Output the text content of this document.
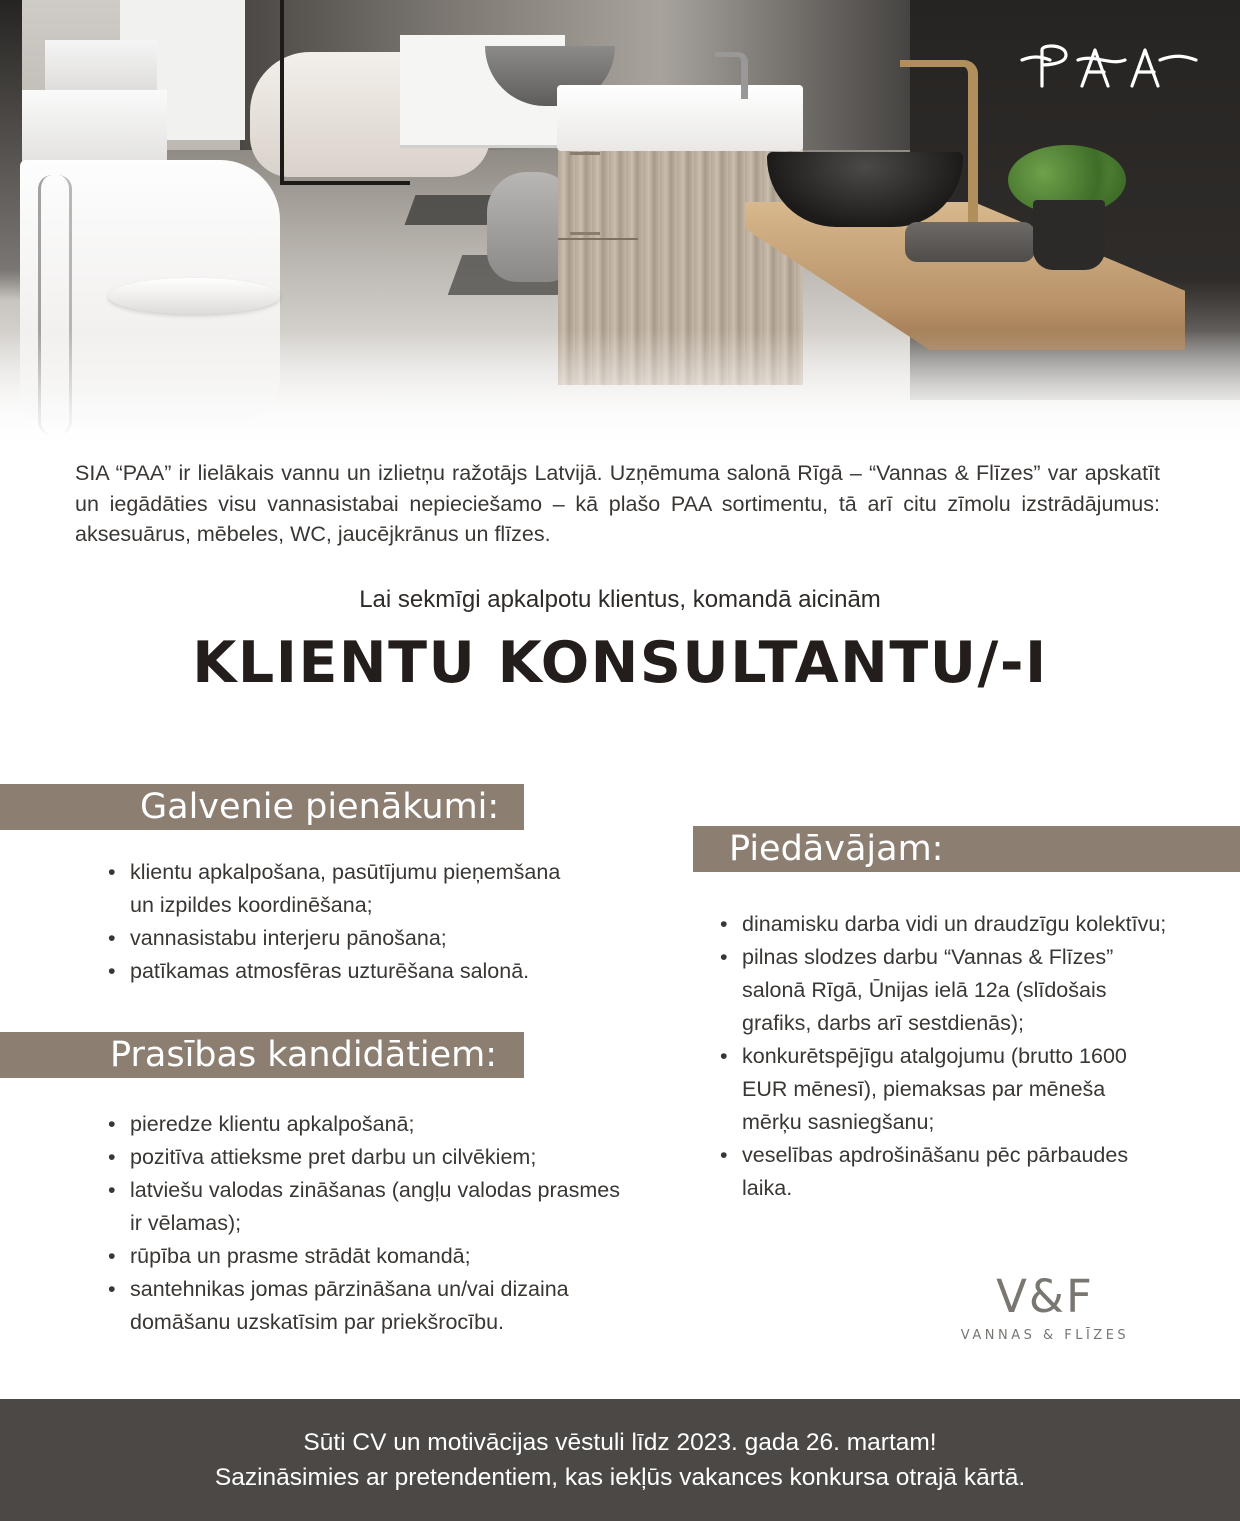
SIA “PAA” ir lielākais vannu un izlietņu ražotājs Latvijā. Uzņēmuma salonā Rīgā – “Vannas & Flīzes” var apskatīt un iegādāties visu vannasistabai nepieciešamo – kā plašo PAA sortimentu, tā arī citu zīmolu izstrādājumus: aksesuārus, mēbeles, WC, jaucējkrānus un flīzes.

Lai sekmīgi apkalpotu klientus, komandā aicinām

KLIENTU KONSULTANTU/-I
Galvenie pienākumi:
• klientu apkalpošana, pasūtījumu pieņemšana un izpildes koordinēšana;
• vannasistabu interjeru pānošana;
• patīkamas atmosfēras uzturēšana salonā.
Prasības kandidātiem:
• pieredze klientu apkalpošanā;
• pozitīva attieksme pret darbu un cilvēkiem;
• latviešu valodas zināšanas (angļu valodas prasmes ir vēlamas);
• rūpība un prasme strādāt komandā;
• santehnikas jomas pārzināšana un/vai dizaina domāšanu uzskatīsim par priekšrocību.
Piedāvājam:
• dinamisku darba vidi un draudzīgu kolektīvu;
• pilnas slodzes darbu “Vannas & Flīzes” salonā Rīgā, Ūnijas ielā 12a (slīdošais grafiks, darbs arī sestdienās);
• konkurētspējīgu atalgojumu (brutto 1600 EUR mēnesī), piemaksas par mēneša mērķu sasniegšanu;
• veselības apdrošināšanu pēc pārbaudes laika.

V&F

VANNAS & FLĪZES

Sūti CV un motivācijas vēstuli līdz 2023. gada 26. martam!

Sazināsimies ar pretendentiem, kas iekļūs vakances konkursa otrajā kārtā.
